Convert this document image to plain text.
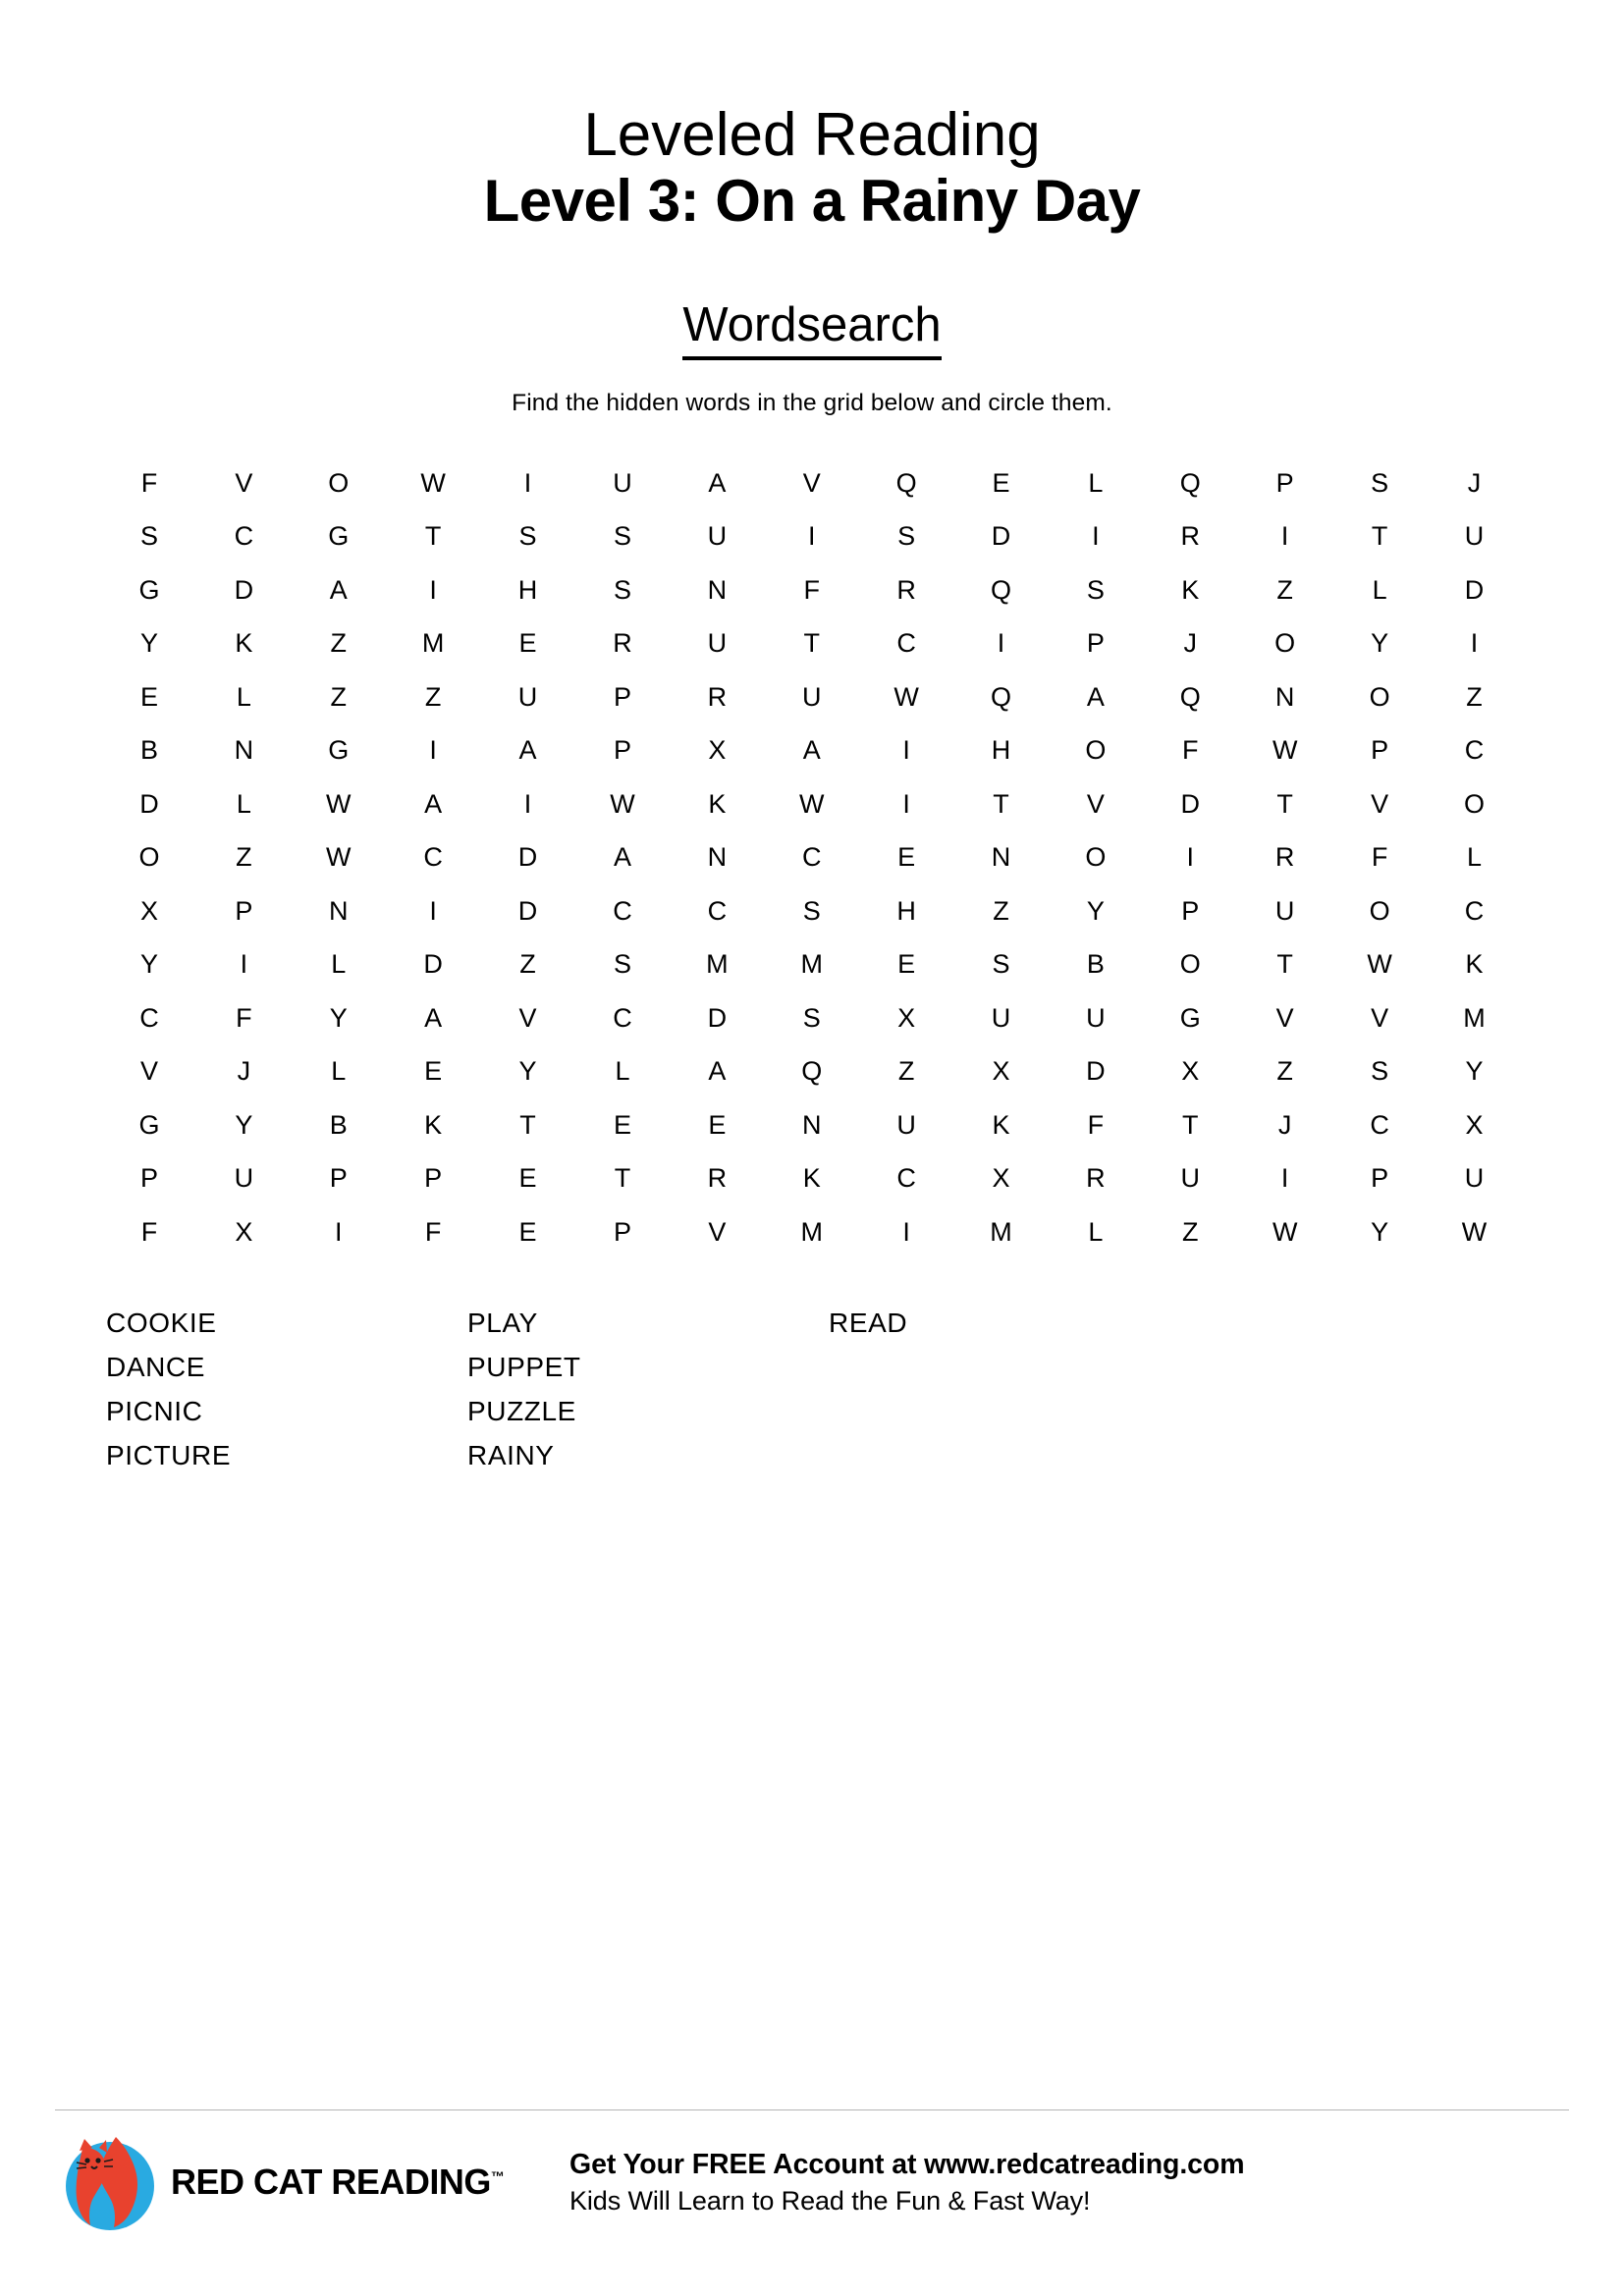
Leveled Reading
Level 3: On a Rainy Day
Wordsearch
Find the hidden words in the grid below and circle them.
F	V	O	W	I	U	A	V	Q	E	L	Q	P	S	J
S	C	G	T	S	S	U	I	S	D	I	R	I	T	U
G	D	A	I	H	S	N	F	R	Q	S	K	Z	L	D
Y	K	Z	M	E	R	U	T	C	I	P	J	O	Y	I
E	L	Z	Z	U	P	R	U	W	Q	A	Q	N	O	Z
B	N	G	I	A	P	X	A	I	H	O	F	W	P	C
D	L	W	A	I	W	K	W	I	T	V	D	T	V	O
O	Z	W	C	D	A	N	C	E	N	O	I	R	F	L
X	P	N	I	D	C	C	S	H	Z	Y	P	U	O	C
Y	I	L	D	Z	S	M	M	E	S	B	O	T	W	K
C	F	Y	A	V	C	D	S	X	U	U	G	V	V	M
V	J	L	E	Y	L	A	Q	Z	X	D	X	Z	S	Y
G	Y	B	K	T	E	E	N	U	K	F	T	J	C	X
P	U	P	P	E	T	R	K	C	X	R	U	I	P	U
F	X	I	F	E	P	V	M	I	M	L	Z	W	Y	W
COOKIE
DANCE
PICNIC
PICTURE
PLAY
PUPPET
PUZZLE
RAINY
READ
RED CAT READING™ Get Your FREE Account at www.redcatreading.com
Kids Will Learn to Read the Fun & Fast Way!
